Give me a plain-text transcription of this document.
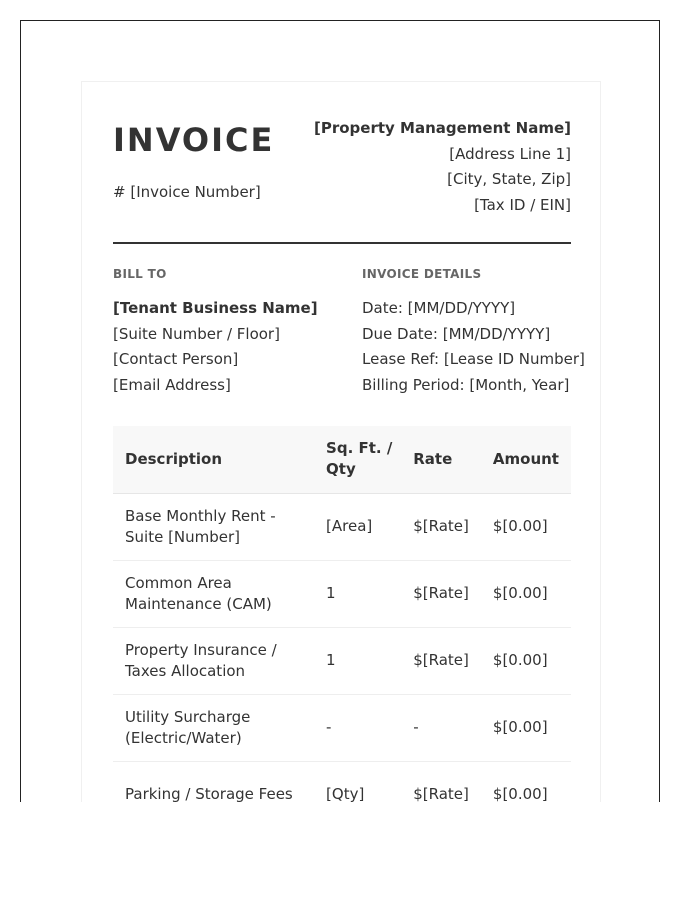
INVOICE
# [Invoice Number]
[Property Management Name]
[Address Line 1]
[City, State, Zip]
[Tax ID / EIN]
BILL TO
[Tenant Business Name]
[Suite Number / Floor]
[Contact Person]
[Email Address]
INVOICE DETAILS
Date: [MM/DD/YYYY]
Due Date: [MM/DD/YYYY]
Lease Ref: [Lease ID Number]
Billing Period: [Month, Year]
Description	Sq. Ft. / Qty	Rate	Amount
Base Monthly Rent - Suite [Number]	[Area]	$[Rate]	$[0.00]
Common Area Maintenance (CAM)	1	$[Rate]	$[0.00]
Property Insurance / Taxes Allocation	1	$[Rate]	$[0.00]
Utility Surcharge (Electric/Water)	-	-	$[0.00]
Parking / Storage Fees	[Qty]	$[Rate]	$[0.00]
